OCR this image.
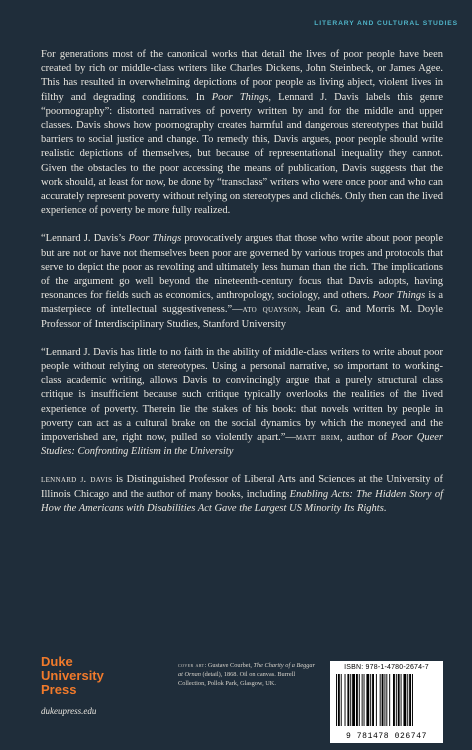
LITERARY AND CULTURAL STUDIES

For generations most of the canonical works that detail the lives of poor people have been created by rich or middle-class writers like Charles Dickens, John Steinbeck, or James Agee. This has resulted in overwhelming depictions of poor people as living abject, violent lives in filthy and degrading conditions. In Poor Things, Lennard J. Davis labels this genre “poornography”: distorted narratives of poverty written by and for the middle and upper classes. Davis shows how poornography creates harmful and dangerous stereotypes that build barriers to social justice and change. To remedy this, Davis argues, poor people should write realistic depictions of themselves, but because of representational inequality they cannot. Given the obstacles to the poor accessing the means of publication, Davis suggests that the work should, at least for now, be done by “transclass” writers who were once poor and who can accurately represent poverty without relying on stereotypes and clichés. Only then can the lived experience of poverty be more fully realized.

“Lennard J. Davis’s Poor Things provocatively argues that those who write about poor people but are not or have not themselves been poor are governed by various tropes and protocols that serve to depict the poor as revolting and ultimately less human than the rich. The implications of the argument go well beyond the nineteenth-century focus that Davis adopts, having resonances for fields such as economics, anthropology, sociology, and others. Poor Things is a masterpiece of intellectual suggestiveness.”—ato quayson, Jean G. and Morris M. Doyle Professor of Interdisciplinary Studies, Stanford University

“Lennard J. Davis has little to no faith in the ability of middle-class writers to write about poor people without relying on stereotypes. Using a personal narrative, so important to working-class academic writing, allows Davis to convincingly argue that a purely structural class critique is insufficient because such critique typically overlooks the realities of the lived experience of poverty. Therein lie the stakes of his book: that novels written by people in poverty can act as a cultural brake on the social dynamics by which the moneyed and the impoverished are, right now, pulled so violently apart.”—matt brim, author of Poor Queer Studies: Confronting Elitism in the University

lennard j. davis is Distinguished Professor of Liberal Arts and Sciences at the University of Illinois Chicago and the author of many books, including Enabling Acts: The Hidden Story of How the Americans with Disabilities Act Gave the Largest US Minority Its Rights.

Duke
University
Press
dukeupress.edu
cover art: Gustave Courbet, The Charity of a Beggar at Ornan (detail), 1868. Oil on canvas. Burrell Collection, Pollok Park, Glasgow, UK.
ISBN: 978-1-4780-2674-7
9 781478 026747
